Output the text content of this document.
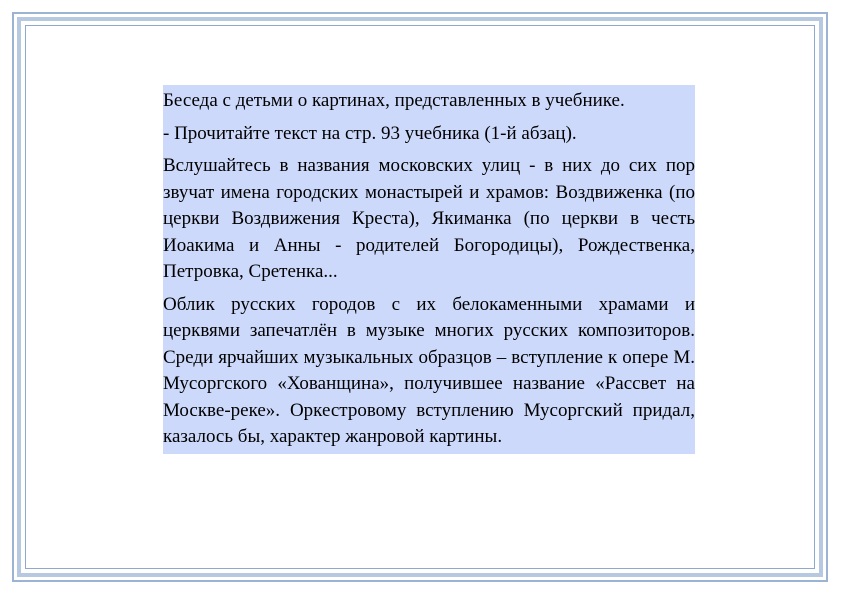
Беседа с детьми о картинах, представленных в учебнике.

- Прочитайте текст на стр. 93 учебника (1-й абзац).

Вслушайтесь в названия московских улиц - в них до сих пор звучат имена городских монастырей и храмов: Воздвиженка (по церкви Воздвижения Креста), Якиманка (по церкви в честь Иоакима и Анны - родителей Богородицы), Рождественка, Петровка, Сретенка...

Облик русских городов с их белокаменными храмами и церквями запечатлён в музыке многих русских композиторов. Среди ярчайших музыкальных образцов – вступление к опере М. Мусоргского «Хованщина», получившее название «Рассвет на Москве-реке». Оркестровому вступлению Мусоргский придал, казалось бы, характер жанровой картины.
